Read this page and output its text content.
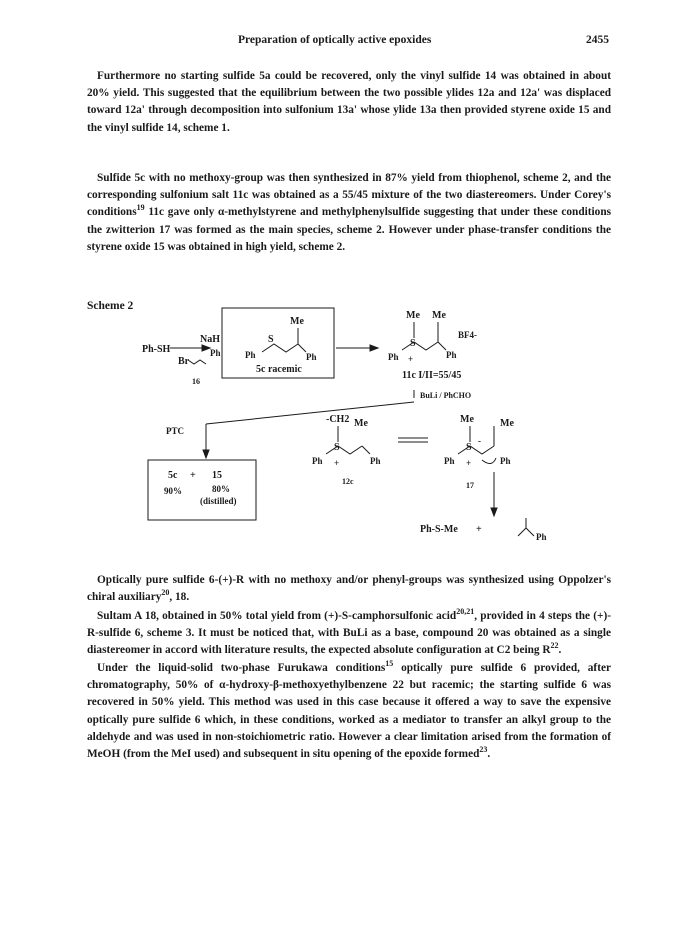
Preparation of optically active epoxides	2455

Furthermore no starting sulfide 5a could be recovered, only the vinyl sulfide 14 was obtained in about 20% yield. This suggested that the equilibrium between the two possible ylides 12a and 12a' was displaced toward 12a' through decomposition into sulfonium 13a' whose ylide 13a then provided styrene oxide 15 and the vinyl sulfide 14, scheme 1.

Sulfide 5c with no methoxy-group was then synthesized in 87% yield from thiophenol, scheme 2, and the corresponding sulfonium salt 11c was obtained as a 55/45 mixture of the two diastereomers. Under Corey's conditions$^{19}$ 11c gave only α-methylstyrene and methylphenylsulfide suggesting that under these conditions the zwitterion 17 was formed as the main species, scheme 2. However under phase-transfer conditions the styrene oxide 15 was obtained in high yield, scheme 2.

Scheme 2
Ph-SH
NaH
Br
Ph
16
Me
S
Ph	Ph
5c racemic
Me Me
S
Ph +	Ph
BF4-
11c I/II=55/45
BuLi / PhCHO
PTC
-CH2 Me
S
Ph +	Ph
12c
Me	Me
S
-
Ph +	Ph
17
Ph-S-Me +
Ph
5c + 15
90%	80%
(distilled)

Optically pure sulfide 6-(+)-R with no methoxy and/or phenyl-groups was synthesized using Oppolzer's chiral auxiliary$^{20}$, 18.

Sultam A 18, obtained in 50% total yield from (+)-S-camphorsulfonic acid$^{20,21}$, provided in 4 steps the (+)-R-sulfide 6, scheme 3. It must be noticed that, with BuLi as a base, compound 20 was obtained as a single diastereomer in accord with literature results, the expected absolute configuration at C2 being $R^{22}$.

Under the liquid-solid two-phase Furukawa conditions$^{15}$ optically pure sulfide 6 provided, after chromatography, 50% of α-hydroxy-β-methoxyethylbenzene 22 but racemic; the starting sulfide 6 was recovered in 50% yield. This method was used in this case because it offered a way to save the expensive optically pure sulfide 6 which, in these conditions, worked as a mediator to transfer an alkyl group to the aldehyde and was used in non-stoichiometric ratio. However a clear limitation arised from the formation of MeOH (from the MeI used) and subsequent in situ opening of the epoxide formed$^{23}$.
